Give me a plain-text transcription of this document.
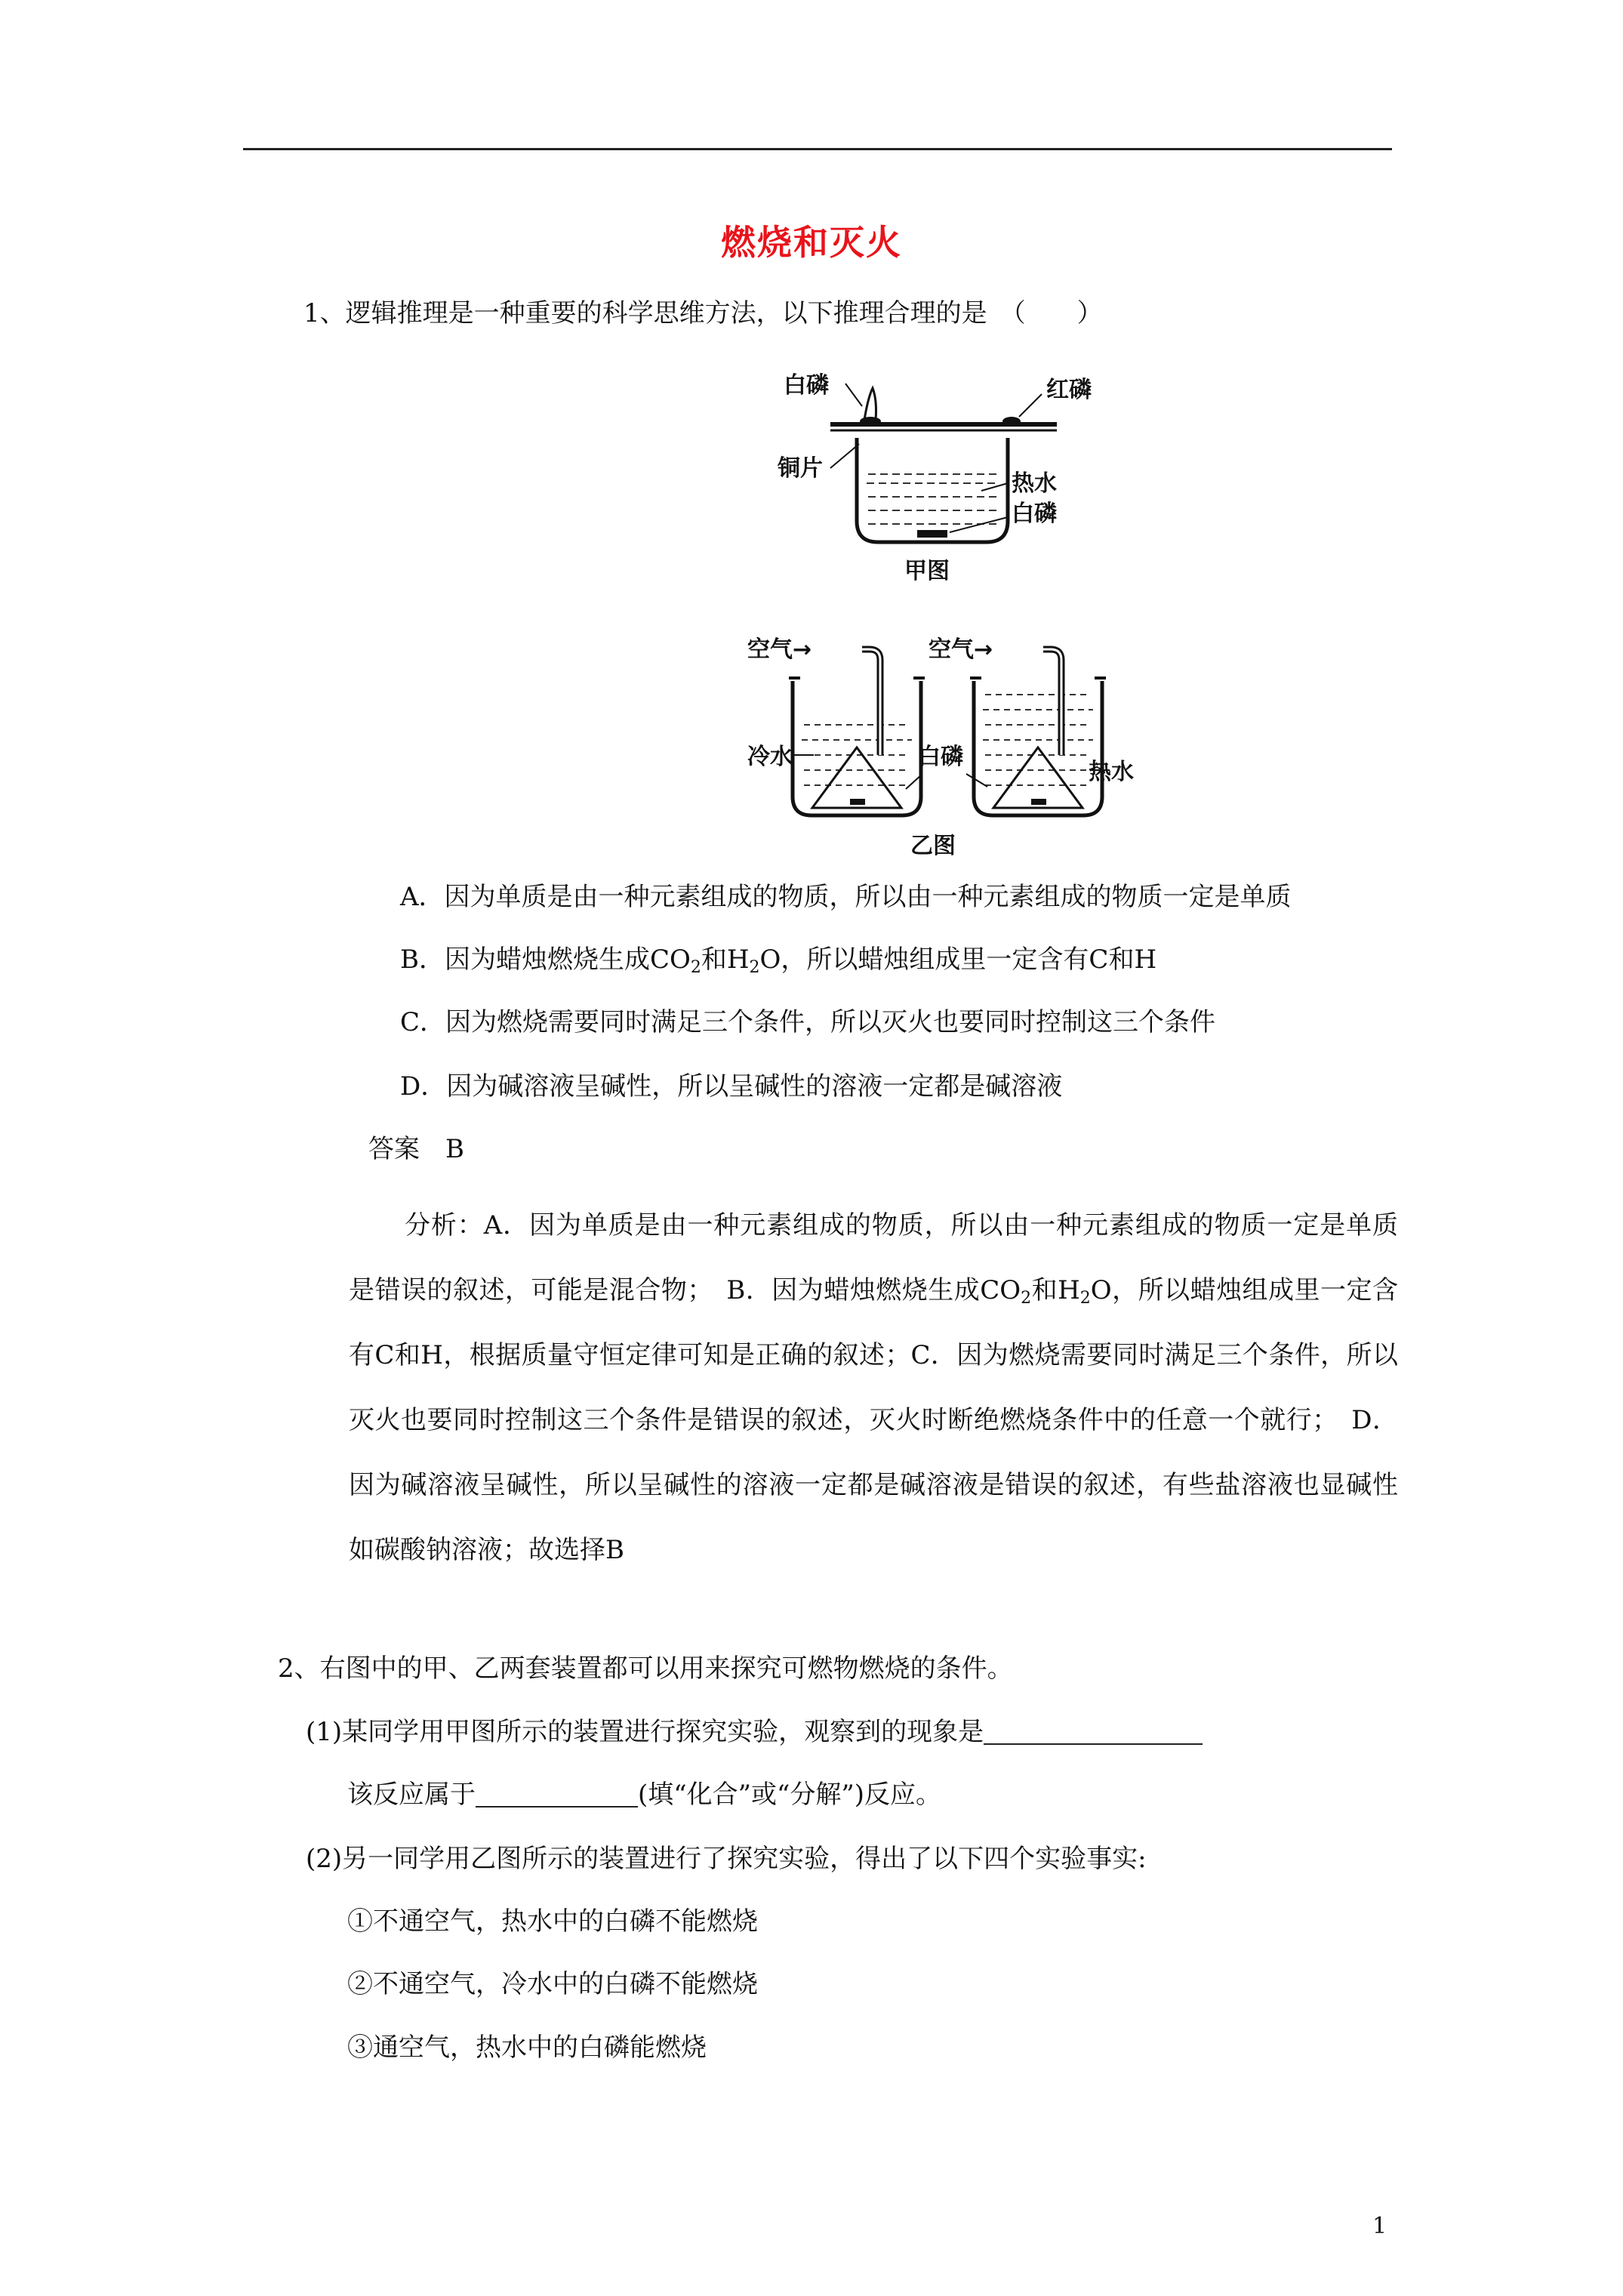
燃烧和灭火
1、逻辑推理是一种重要的科学思维方法，以下推理合理的是　（　　）
白磷	红磷
铜片
热水
白磷
甲图
空气→	空气→
冷水	白磷
热水
乙图
A．因为单质是由一种元素组成的物质，所以由一种元素组成的物质一定是单质
B．因为蜡烛燃烧生成$CO_2$和$H_2O$，所以蜡烛组成里一定含有C和H
C．因为燃烧需要同时满足三个条件，所以灭火也要同时控制这三个条件
D．因为碱溶液呈碱性，所以呈碱性的溶液一定都是碱溶液
答案　B
分析：A．因为单质是由一种元素组成的物质，所以由一种元素组成的物质一定是单质是错误的叙述，可能是混合物；　B．因为蜡烛燃烧生成$CO_2$和$H_2O$，所以蜡烛组成里一定含有C和H，根据质量守恒定律可知是正确的叙述；C．因为燃烧需要同时满足三个条件，所以灭火也要同时控制这三个条件是错误的叙述，灭火时断绝燃烧条件中的任意一个就行；　D．因为碱溶液呈碱性，所以呈碱性的溶液一定都是碱溶液是错误的叙述，有些盐溶液也显碱性如碳酸钠溶液；故选择B
2、右图中的甲、乙两套装置都可以用来探究可燃物燃烧的条件。
(1)某同学用甲图所示的装置进行探究实验，观察到的现象是
该反应属于	(填“化合”或“分解”)反应。
(2)另一同学用乙图所示的装置进行了探究实验，得出了以下四个实验事实:
①不通空气，热水中的白磷不能燃烧
②不通空气，冷水中的白磷不能燃烧
③通空气，热水中的白磷能燃烧
1
